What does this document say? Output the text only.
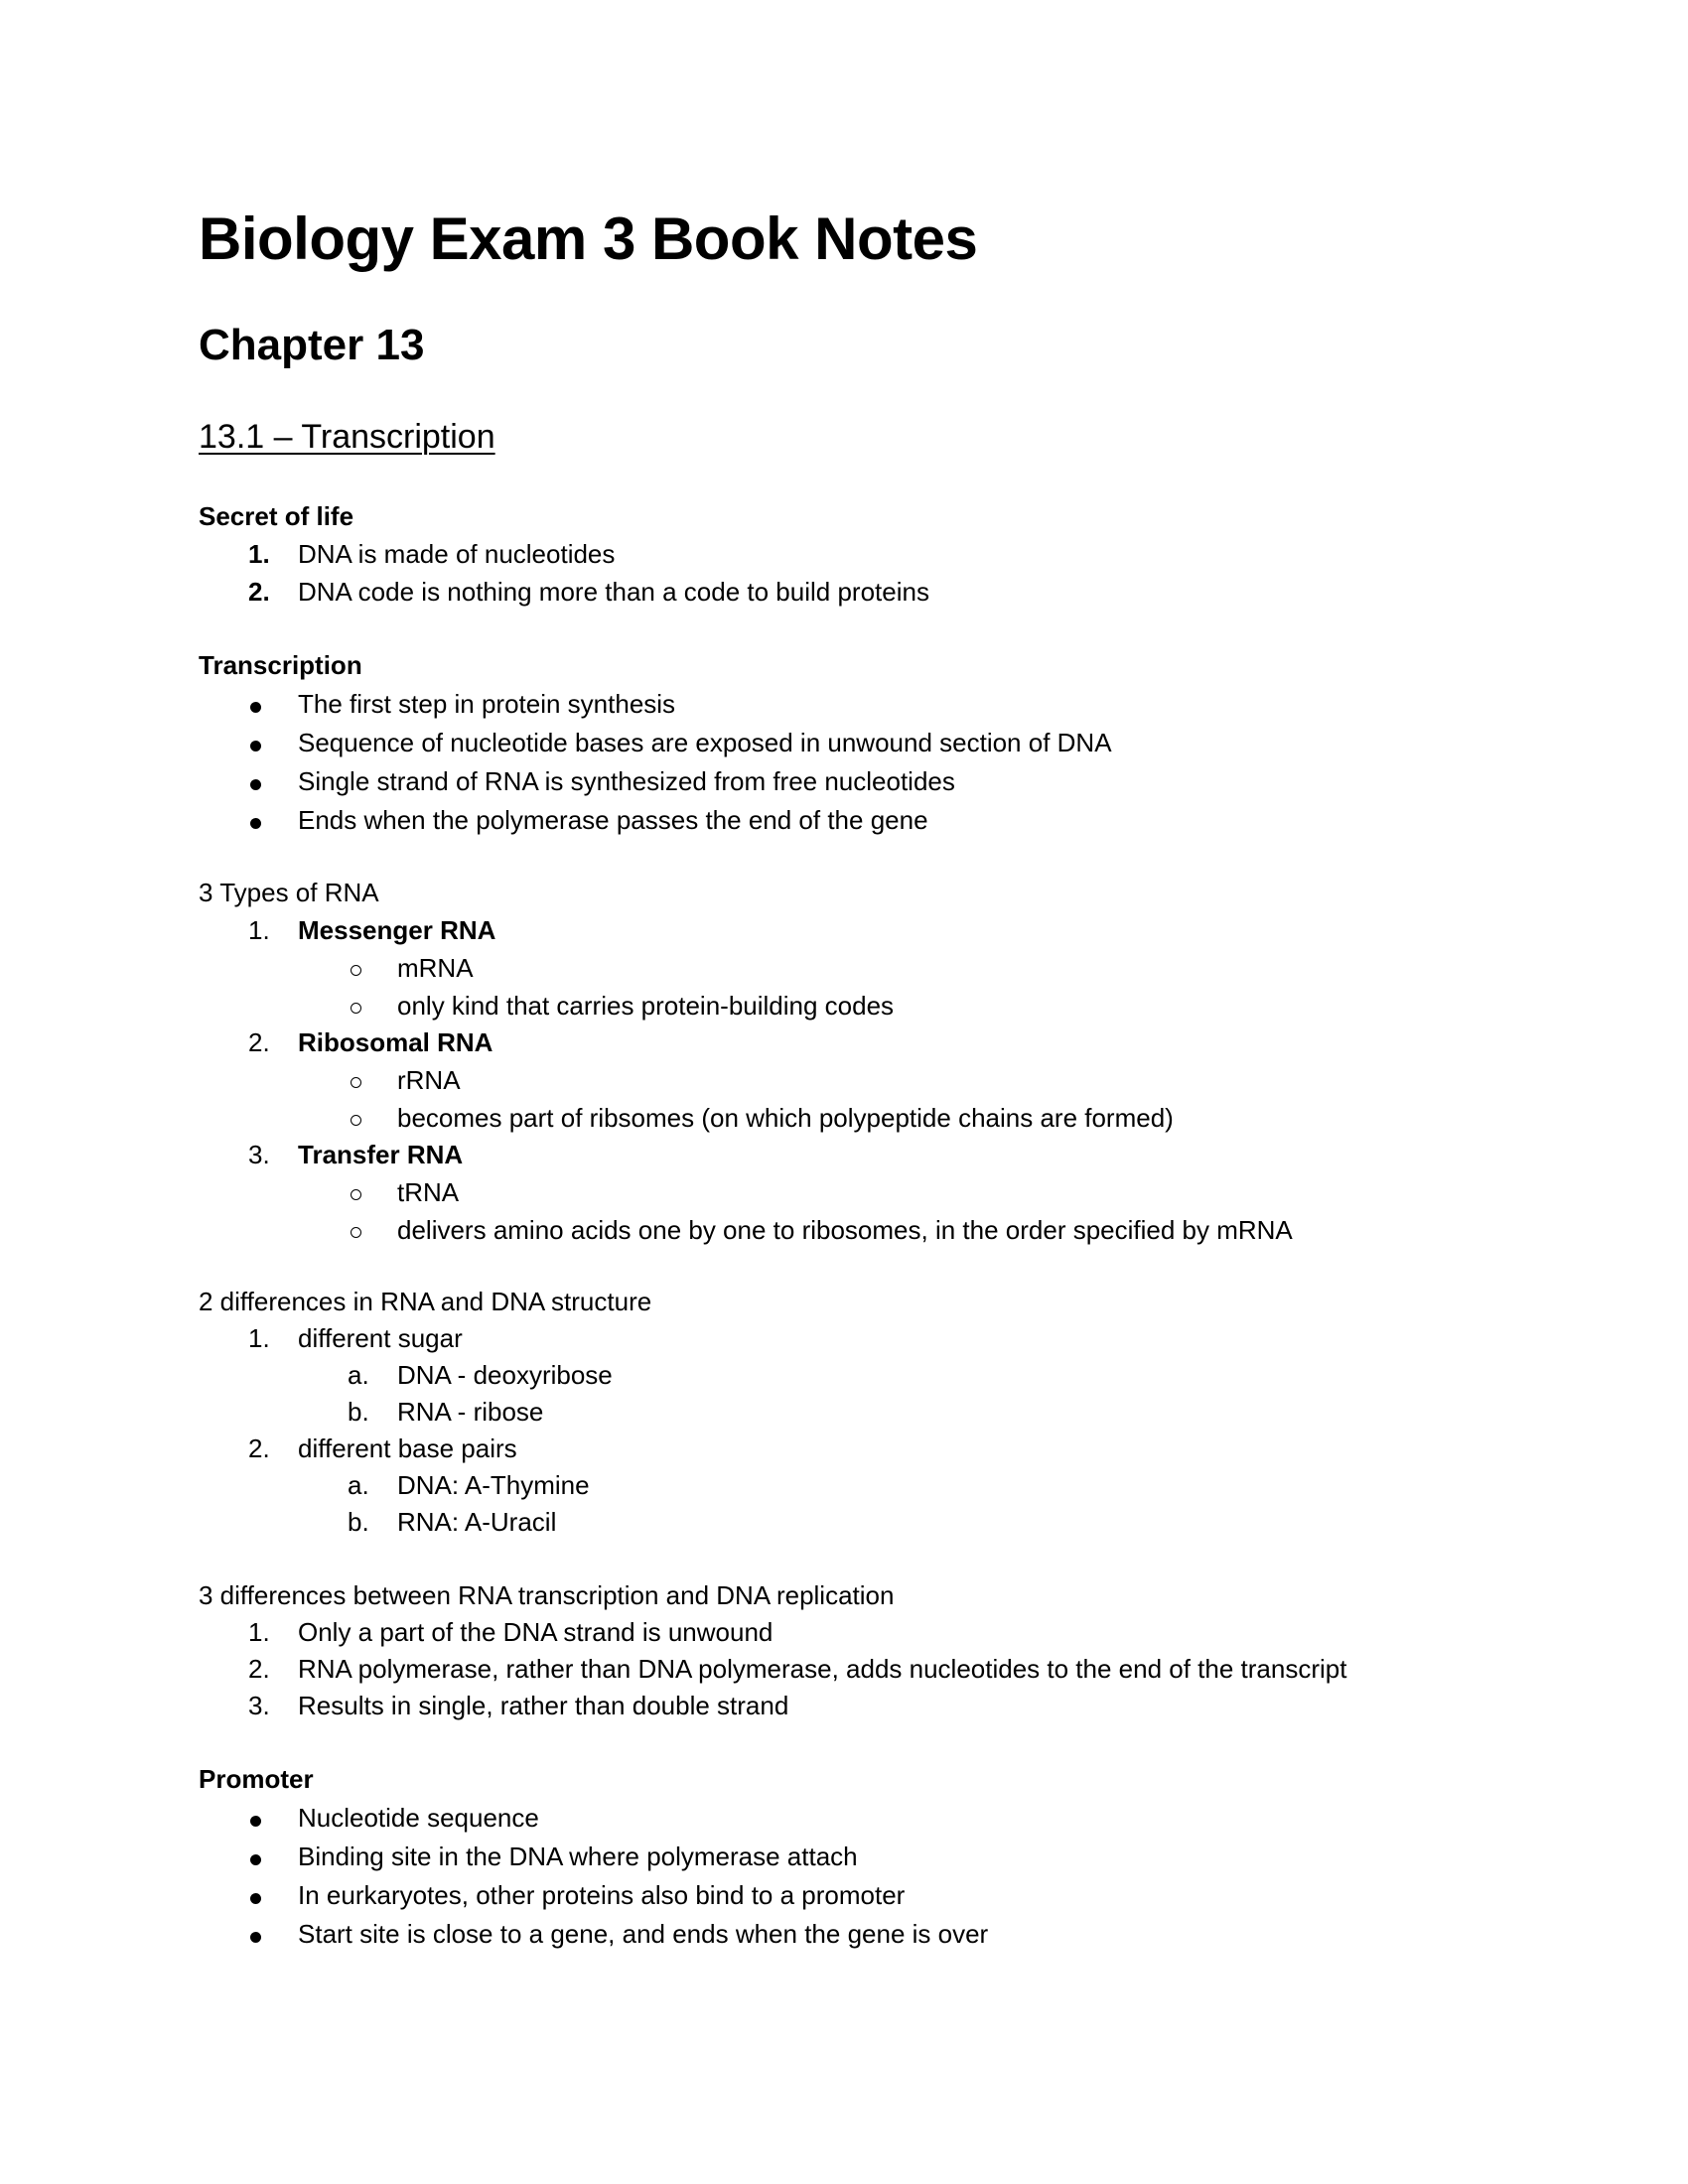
Biology Exam 3 Book Notes
Chapter 13
13.1 – Transcription
Secret of life
1. DNA is made of nucleotides
2. DNA code is nothing more than a code to build proteins
Transcription
The first step in protein synthesis
Sequence of nucleotide bases are exposed in unwound section of DNA
Single strand of RNA is synthesized from free nucleotides
Ends when the polymerase passes the end of the gene
3 Types of RNA
1. Messenger RNA
mRNA
only kind that carries protein-building codes
2. Ribosomal RNA
rRNA
becomes part of ribsomes (on which polypeptide chains are formed)
3. Transfer RNA
tRNA
delivers amino acids one by one to ribosomes, in the order specified by mRNA
2 differences in RNA and DNA structure
1. different sugar
a. DNA - deoxyribose
b. RNA - ribose
2. different base pairs
a. DNA: A-Thymine
b. RNA: A-Uracil
3 differences between RNA transcription and DNA replication
1. Only a part of the DNA strand is unwound
2. RNA polymerase, rather than DNA polymerase, adds nucleotides to the end of the transcript
3. Results in single, rather than double strand
Promoter
Nucleotide sequence
Binding site in the DNA where polymerase attach
In eurkaryotes, other proteins also bind to a promoter
Start site is close to a gene, and ends when the gene is over
